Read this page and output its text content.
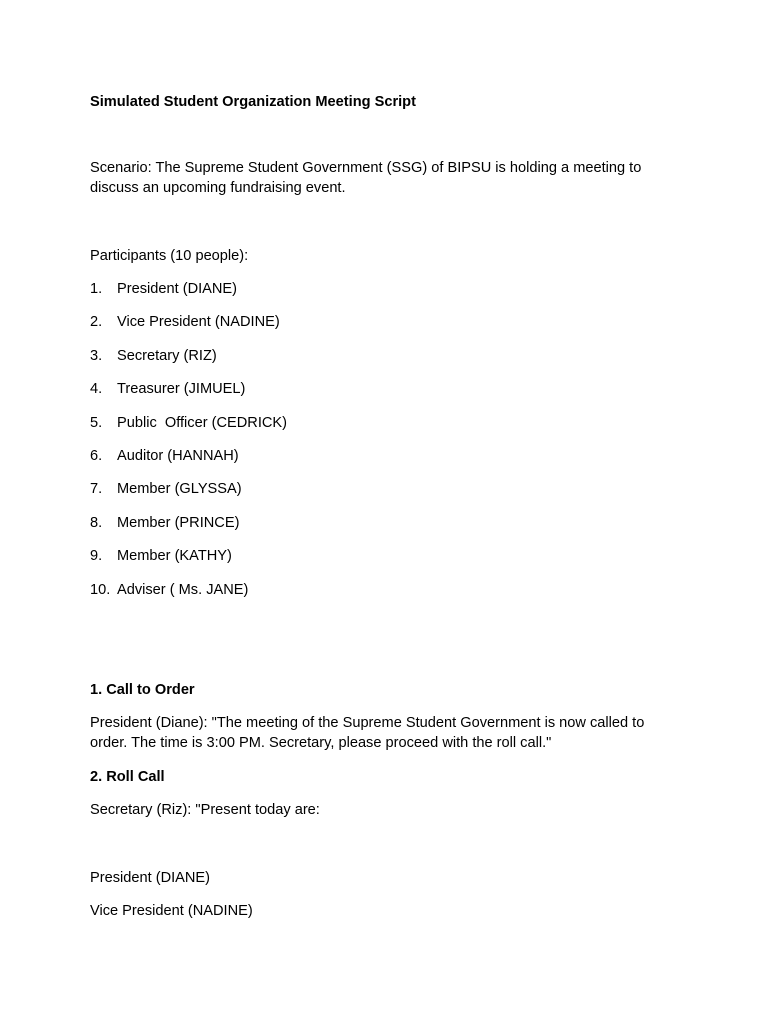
Simulated Student Organization Meeting Script

Scenario: The Supreme Student Government (SSG) of BIPSU is holding a meeting to discuss an upcoming fundraising event.

Participants (10 people):

1.	President (DIANE)
2.	Vice President (NADINE)
3.	Secretary (RIZ)
4.	Treasurer (JIMUEL)
5.	Public  Officer (CEDRICK)
6.	Auditor (HANNAH)
7.	Member (GLYSSA)
8.	Member (PRINCE)
9.	Member (KATHY)
10. Adviser ( Ms. JANE)

1. Call to Order

President (Diane): "The meeting of the Supreme Student Government is now called to order. The time is 3:00 PM. Secretary, please proceed with the roll call."

2. Roll Call

Secretary (Riz): "Present today are:

President (DIANE)

Vice President (NADINE)
